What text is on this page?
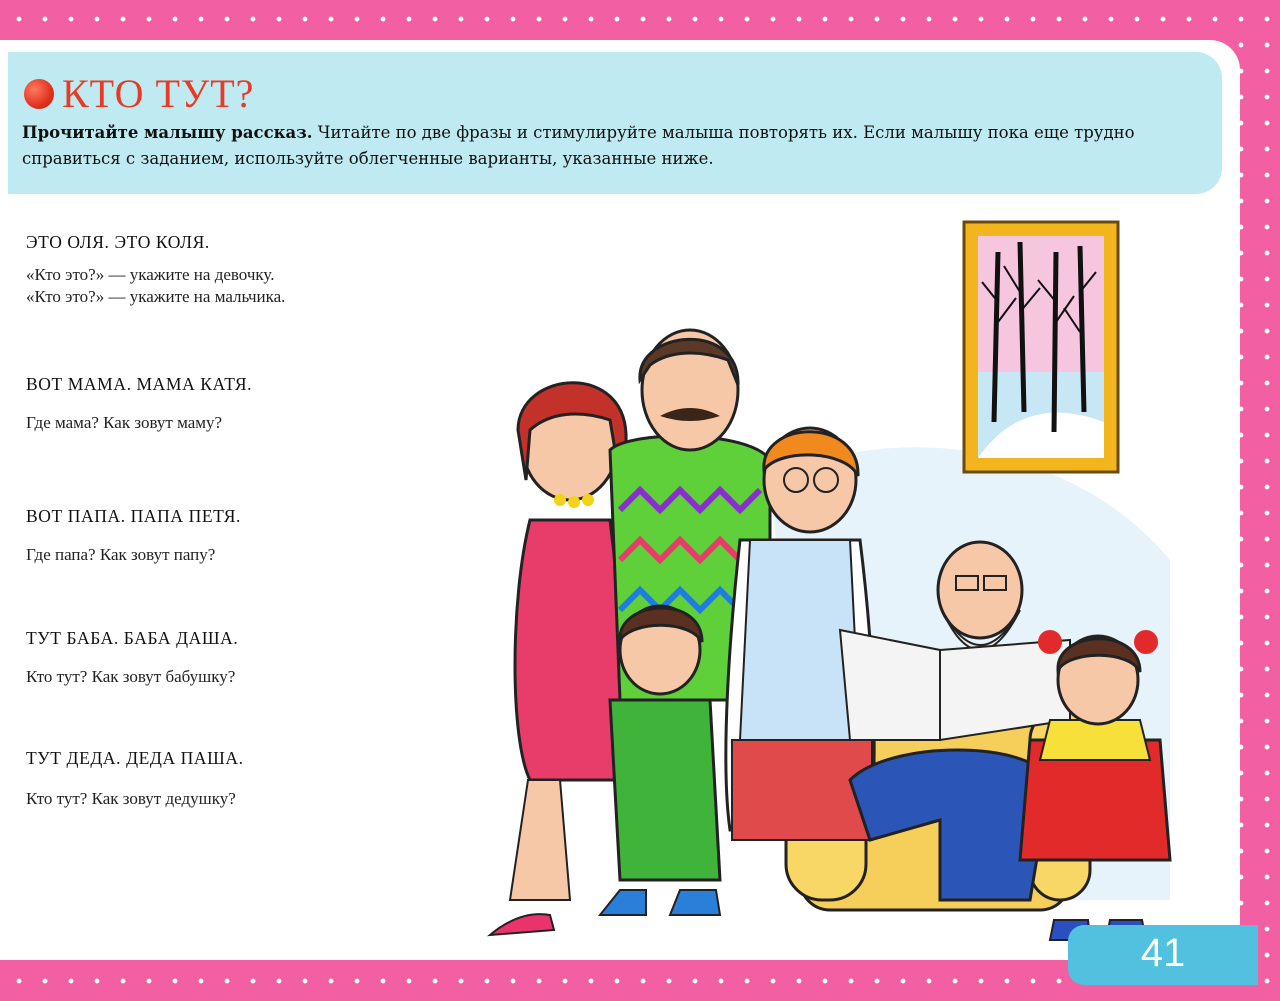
КТО ТУТ?
Прочитайте малышу рассказ. Читайте по две фразы и стимулируйте малыша повторять их. Если малышу пока еще трудно справиться с заданием, используйте облегченные варианты, указанные ниже.
ЭТО ОЛЯ. ЭТО КОЛЯ.
«Кто это?» — укажите на девочку.
«Кто это?» — укажите на мальчика.
ВОТ МАМА. МАМА КАТЯ.
Где мама? Как зовут маму?
ВОТ ПАПА. ПАПА ПЕТЯ.
Где папа? Как зовут папу?
ТУТ БАБА. БАБА ДАША.
Кто тут? Как зовут бабушку?
ТУТ ДЕДА. ДЕДА ПАША.
Кто тут? Как зовут дедушку?
41
